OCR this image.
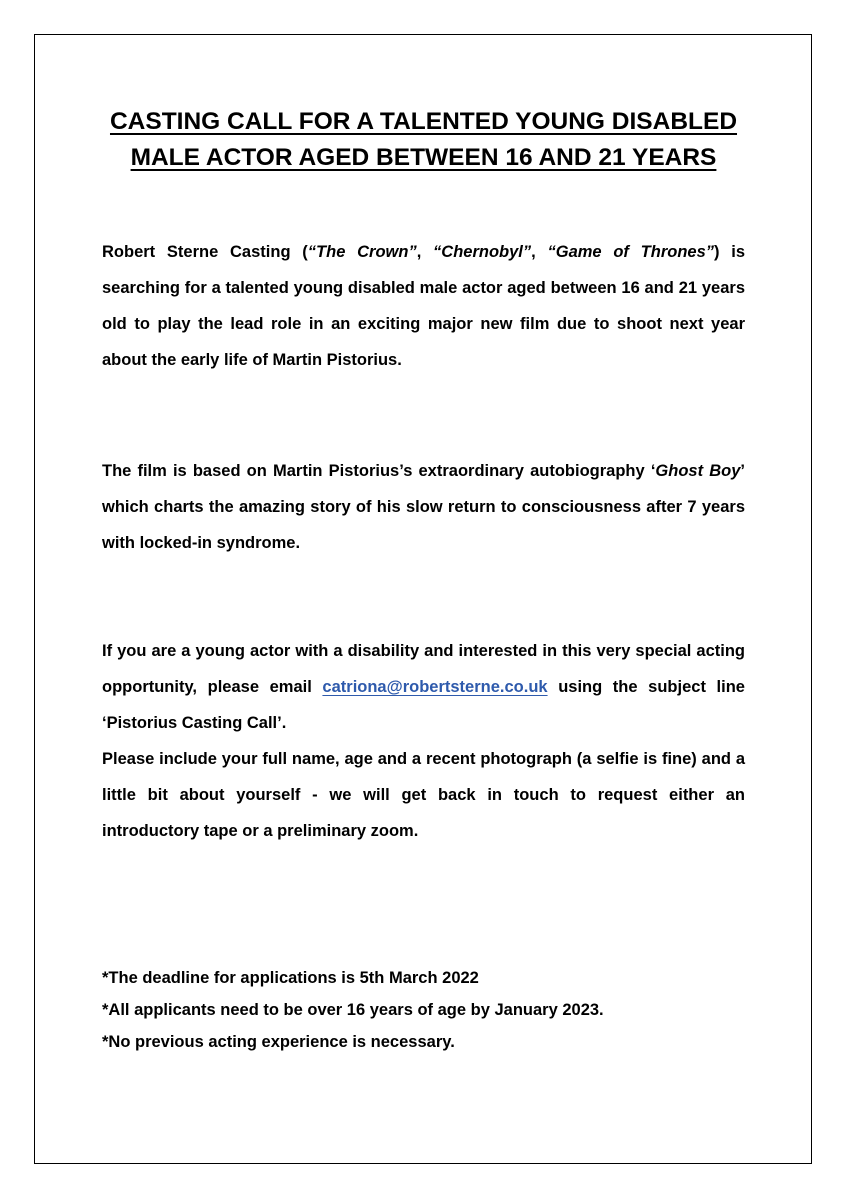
CASTING CALL FOR A TALENTED YOUNG DISABLED
MALE ACTOR AGED BETWEEN 16 AND 21 YEARS

Robert Sterne Casting (“The Crown”, “Chernobyl”, “Game of Thrones”) is searching for a talented young disabled male actor aged between 16 and 21 years old to play the lead role in an exciting major new film due to shoot next year about the early life of Martin Pistorius.

The film is based on Martin Pistorius’s extraordinary autobiography ‘Ghost Boy’ which charts the amazing story of his slow return to consciousness after 7 years with locked-in syndrome.

If you are a young actor with a disability and interested in this very special acting opportunity, please email catriona@robertsterne.co.uk using the subject line ‘Pistorius Casting Call’.

Please include your full name, age and a recent photograph (a selfie is fine) and a little bit about yourself - we will get back in touch to request either an introductory tape or a preliminary zoom.

*The deadline for applications is 5th March 2022

*All applicants need to be over 16 years of age by January 2023.

*No previous acting experience is necessary.
